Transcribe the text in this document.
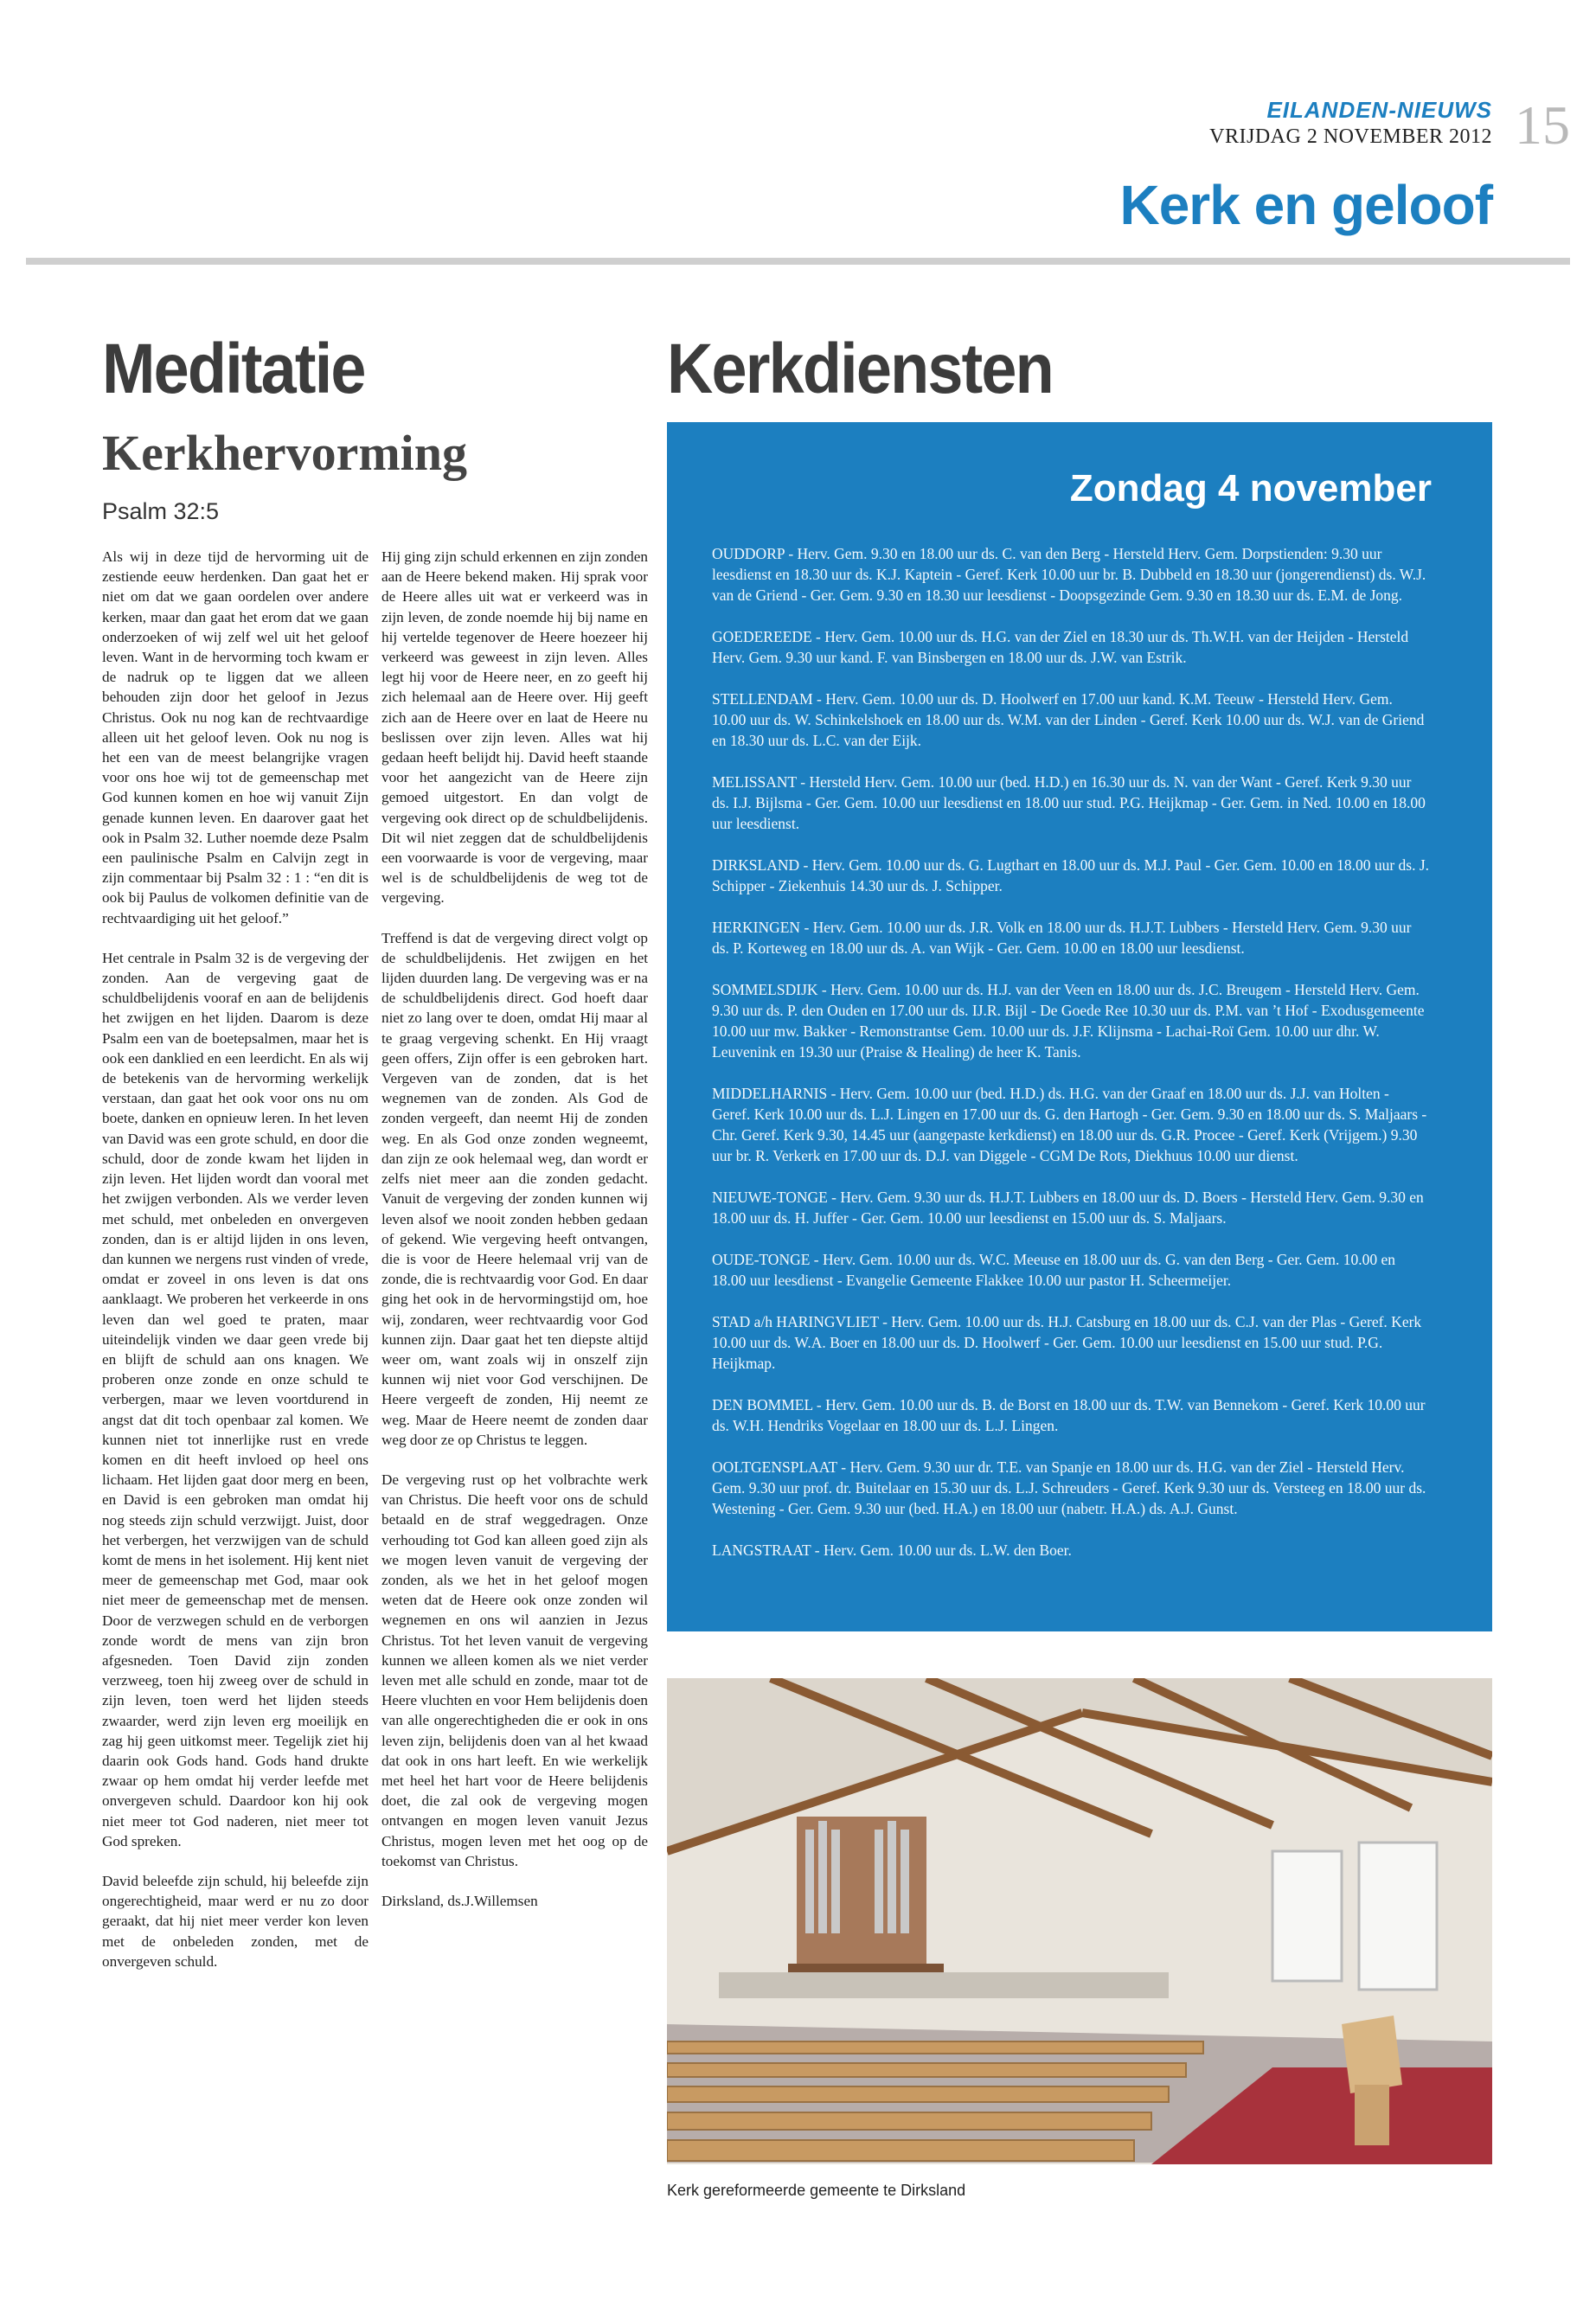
EILANDEN-NIEUWS
VRIJDAG 2 NOVEMBER 2012 15
Kerk en geloof
Meditatie
Kerkhervorming
Psalm 32:5

Als wij in deze tijd de hervorming uit de zestiende eeuw herdenken. Dan gaat het er niet om dat we gaan oordelen over andere kerken, maar dan gaat het erom dat we gaan onderzoeken of wij zelf wel uit het geloof leven. Want in de hervorming toch kwam er de nadruk op te liggen dat we alleen behouden zijn door het geloof in Jezus Christus. Ook nu nog kan de rechtvaardige alleen uit het geloof leven. Ook nu nog is het een van de meest belangrijke vragen voor ons hoe wij tot de gemeenschap met God kunnen komen en hoe wij vanuit Zijn genade kunnen leven. En daarover gaat het ook in Psalm 32. Luther noemde deze Psalm een paulinische Psalm en Calvijn zegt in zijn commentaar bij Psalm 32 : 1 : “en dit is ook bij Paulus de volkomen definitie van de rechtvaardiging uit het geloof.”

Het centrale in Psalm 32 is de vergeving der zonden. Aan de vergeving gaat de schuldbelijdenis vooraf en aan de belijdenis het zwijgen en het lijden. Daarom is deze Psalm een van de boetepsalmen, maar het is ook een danklied en een leerdicht. En als wij de betekenis van de hervorming werkelijk verstaan, dan gaat het ook voor ons nu om boete, danken en opnieuw leren. In het leven van David was een grote schuld, en door die schuld, door de zonde kwam het lijden in zijn leven. Het lijden wordt dan vooral met het zwijgen verbonden. Als we verder leven met schuld, met onbeleden en onvergeven zonden, dan is er altijd lijden in ons leven, dan kunnen we nergens rust vinden of vrede, omdat er zoveel in ons leven is dat ons aanklaagt. We proberen het verkeerde in ons leven dan wel goed te praten, maar uiteindelijk vinden we daar geen vrede bij en blijft de schuld aan ons knagen. We proberen onze zonde en onze schuld te verbergen, maar we leven voortdurend in angst dat dit toch openbaar zal komen. We kunnen niet tot innerlijke rust en vrede komen en dit heeft invloed op heel ons lichaam. Het lijden gaat door merg en been, en David is een gebroken man omdat hij nog steeds zijn schuld verzwijgt. Juist, door het verbergen, het verzwijgen van de schuld komt de mens in het isolement. Hij kent niet meer de gemeenschap met God, maar ook niet meer de gemeenschap met de mensen. Door de verzwegen schuld en de verborgen zonde wordt de mens van zijn bron afgesneden. Toen David zijn zonden verzweeg, toen hij zweeg over de schuld in zijn leven, toen werd het lijden steeds zwaarder, werd zijn leven erg moeilijk en zag hij geen uitkomst meer. Tegelijk ziet hij daarin ook Gods hand. Gods hand drukte zwaar op hem omdat hij verder leefde met onvergeven schuld. Daardoor kon hij ook niet meer tot God naderen, niet meer tot God spreken.

David beleefde zijn schuld, hij beleefde zijn ongerechtigheid, maar werd er nu zo door geraakt, dat hij niet meer verder kon leven met de onbeleden zonden, met de onvergeven schuld.

Hij ging zijn schuld erkennen en zijn zonden aan de Heere bekend maken. Hij sprak voor de Heere alles uit wat er verkeerd was in zijn leven, de zonde noemde hij bij name en hij vertelde tegenover de Heere hoezeer hij verkeerd was geweest in zijn leven. Alles legt hij voor de Heere neer, en zo geeft hij zich helemaal aan de Heere over. Hij geeft zich aan de Heere over en laat de Heere nu beslissen over zijn leven. Alles wat hij gedaan heeft belijdt hij. David heeft staande voor het aangezicht van de Heere zijn gemoed uitgestort. En dan volgt de vergeving ook direct op de schuldbelijdenis. Dit wil niet zeggen dat de schuldbelijdenis een voorwaarde is voor de vergeving, maar wel is de schuldbelijdenis de weg tot de vergeving.

Treffend is dat de vergeving direct volgt op de schuldbelijdenis. Het zwijgen en het lijden duurden lang. De vergeving was er na de schuldbelijdenis direct. God hoeft daar niet zo lang over te doen, omdat Hij maar al te graag vergeving schenkt. En Hij vraagt geen offers, Zijn offer is een gebroken hart. Vergeven van de zonden, dat is het wegnemen van de zonden. Als God de zonden vergeeft, dan neemt Hij de zonden weg. En als God onze zonden wegneemt, dan zijn ze ook helemaal weg, dan wordt er zelfs niet meer aan die zonden gedacht. Vanuit de vergeving der zonden kunnen wij leven alsof we nooit zonden hebben gedaan of gekend. Wie vergeving heeft ontvangen, die is voor de Heere helemaal vrij van de zonde, die is rechtvaardig voor God. En daar ging het ook in de hervormingstijd om, hoe wij, zondaren, weer rechtvaardig voor God kunnen zijn. Daar gaat het ten diepste altijd weer om, want zoals wij in onszelf zijn kunnen wij niet voor God verschijnen. De Heere vergeeft de zonden, Hij neemt ze weg. Maar de Heere neemt de zonden daar weg door ze op Christus te leggen.

De vergeving rust op het volbrachte werk van Christus. Die heeft voor ons de schuld betaald en de straf weggedragen. Onze verhouding tot God kan alleen goed zijn als we mogen leven vanuit de vergeving der zonden, als we het in het geloof mogen weten dat de Heere ook onze zonden wil wegnemen en ons wil aanzien in Jezus Christus. Tot het leven vanuit de vergeving kunnen we alleen komen als we niet verder leven met alle schuld en zonde, maar tot de Heere vluchten en voor Hem belijdenis doen van alle ongerechtigheden die er ook in ons leven zijn, belijdenis doen van al het kwaad dat ook in ons hart leeft. En wie werkelijk met heel het hart voor de Heere belijdenis doet, die zal ook de vergeving mogen ontvangen en mogen leven vanuit Jezus Christus, mogen leven met het oog op de toekomst van Christus.

Dirksland, ds.J.Willemsen

Kerkdiensten
Zondag 4 november

OUDDORP - Herv. Gem. 9.30 en 18.00 uur ds. C. van den Berg - Hersteld Herv. Gem. Dorpstienden: 9.30 uur leesdienst en 18.30 uur ds. K.J. Kaptein - Geref. Kerk 10.00 uur br. B. Dubbeld en 18.30 uur (jongerendienst) ds. W.J. van de Griend - Ger. Gem. 9.30 en 18.30 uur leesdienst - Doopsgezinde Gem. 9.30 en 18.30 uur ds. E.M. de Jong.

GOEDEREEDE - Herv. Gem. 10.00 uur ds. H.G. van der Ziel en 18.30 uur ds. Th.W.H. van der Heijden - Hersteld Herv. Gem. 9.30 uur kand. F. van Binsbergen en 18.00 uur ds. J.W. van Estrik.

STELLENDAM - Herv. Gem. 10.00 uur ds. D. Hoolwerf en 17.00 uur kand. K.M. Teeuw - Hersteld Herv. Gem. 10.00 uur ds. W. Schinkelshoek en 18.00 uur ds. W.M. van der Linden - Geref. Kerk 10.00 uur ds. W.J. van de Griend en 18.30 uur ds. L.C. van der Eijk.

MELISSANT - Hersteld Herv. Gem. 10.00 uur (bed. H.D.) en 16.30 uur ds. N. van der Want - Geref. Kerk 9.30 uur ds. I.J. Bijlsma - Ger. Gem. 10.00 uur leesdienst en 18.00 uur stud. P.G. Heijkmap - Ger. Gem. in Ned. 10.00 en 18.00 uur leesdienst.

DIRKSLAND - Herv. Gem. 10.00 uur ds. G. Lugthart en 18.00 uur ds. M.J. Paul - Ger. Gem. 10.00 en 18.00 uur ds. J. Schipper - Ziekenhuis 14.30 uur ds. J. Schipper.

HERKINGEN - Herv. Gem. 10.00 uur ds. J.R. Volk en 18.00 uur ds. H.J.T. Lubbers - Hersteld Herv. Gem. 9.30 uur ds. P. Korteweg en 18.00 uur ds. A. van Wijk - Ger. Gem. 10.00 en 18.00 uur leesdienst.

SOMMELSDIJK - Herv. Gem. 10.00 uur ds. H.J. van der Veen en 18.00 uur ds. J.C. Breugem - Hersteld Herv. Gem. 9.30 uur ds. P. den Ouden en 17.00 uur ds. IJ.R. Bijl - De Goede Ree 10.30 uur ds. P.M. van ’t Hof - Exodusgemeente 10.00 uur mw. Bakker - Remonstrantse Gem. 10.00 uur ds. J.F. Klijnsma - Lachai-Roï Gem. 10.00 uur dhr. W. Leuvenink en 19.30 uur (Praise & Healing) de heer K. Tanis.

MIDDELHARNIS - Herv. Gem. 10.00 uur (bed. H.D.) ds. H.G. van der Graaf en 18.00 uur ds. J.J. van Holten - Geref. Kerk 10.00 uur ds. L.J. Lingen en 17.00 uur ds. G. den Hartogh - Ger. Gem. 9.30 en 18.00 uur ds. S. Maljaars - Chr. Geref. Kerk 9.30, 14.45 uur (aangepaste kerkdienst) en 18.00 uur ds. G.R. Procee - Geref. Kerk (Vrijgem.) 9.30 uur br. R. Verkerk en 17.00 uur ds. D.J. van Diggele - CGM De Rots, Diekhuus 10.00 uur dienst.

NIEUWE-TONGE - Herv. Gem. 9.30 uur ds. H.J.T. Lubbers en 18.00 uur ds. D. Boers - Hersteld Herv. Gem. 9.30 en 18.00 uur ds. H. Juffer - Ger. Gem. 10.00 uur leesdienst en 15.00 uur ds. S. Maljaars.

OUDE-TONGE - Herv. Gem. 10.00 uur ds. W.C. Meeuse en 18.00 uur ds. G. van den Berg - Ger. Gem. 10.00 en 18.00 uur leesdienst - Evangelie Gemeente Flakkee 10.00 uur pastor H. Scheermeijer.

STAD a/h HARINGVLIET - Herv. Gem. 10.00 uur ds. H.J. Catsburg en 18.00 uur ds. C.J. van der Plas - Geref. Kerk 10.00 uur ds. W.A. Boer en 18.00 uur ds. D. Hoolwerf - Ger. Gem. 10.00 uur leesdienst en 15.00 uur stud. P.G. Heijkmap.

DEN BOMMEL - Herv. Gem. 10.00 uur ds. B. de Borst en 18.00 uur ds. T.W. van Bennekom - Geref. Kerk 10.00 uur ds. W.H. Hendriks Vogelaar en 18.00 uur ds. L.J. Lingen.

OOLTGENSPLAAT - Herv. Gem. 9.30 uur dr. T.E. van Spanje en 18.00 uur ds. H.G. van der Ziel - Hersteld Herv. Gem. 9.30 uur prof. dr. Buitelaar en 15.30 uur ds. L.J. Schreuders - Geref. Kerk 9.30 uur ds. Versteeg en 18.00 uur ds. Westening - Ger. Gem. 9.30 uur (bed. H.A.) en 18.00 uur (nabetr. H.A.) ds. A.J. Gunst.

LANGSTRAAT - Herv. Gem. 10.00 uur ds. L.W. den Boer.

Kerk gereformeerde gemeente te Dirksland
